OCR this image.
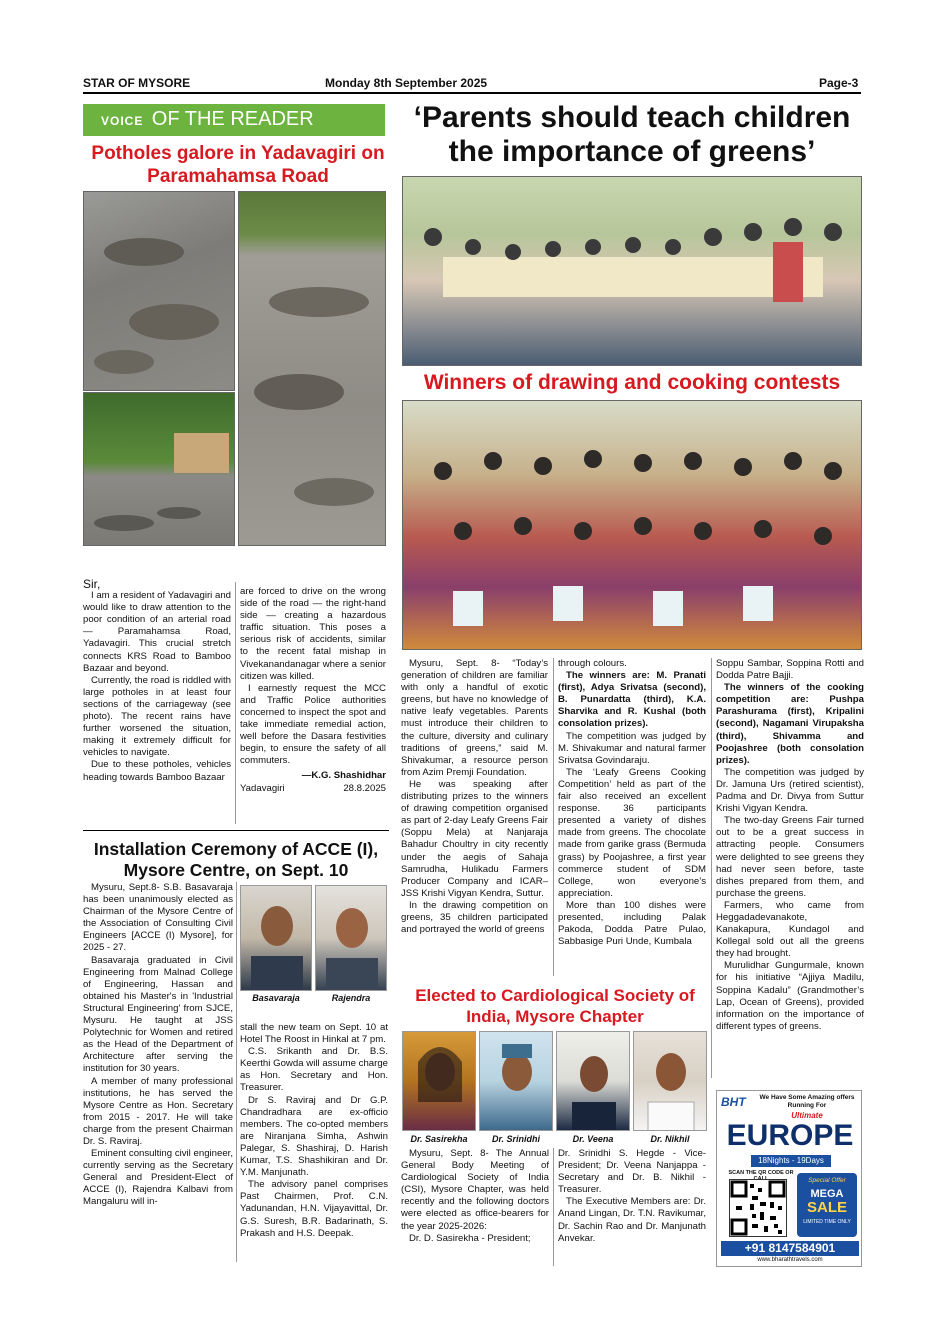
STAR OF MYSORE	Monday 8th September 2025	Page-3
VOICE OF THE READER
Potholes galore in Yadavagiri on Paramahamsa Road

Sir,

I am a resident of Yadavagiri and would like to draw attention to the poor condition of an arterial road — Paramahamsa Road, Yadavagiri. This crucial stretch connects KRS Road to Bamboo Bazaar and beyond.

Currently, the road is riddled with large potholes in at least four sections of the carriageway (see photo). The recent rains have further worsened the situation, making it extremely difficult for vehicles to navigate.

Due to these potholes, vehicles heading towards Bamboo Bazaar

are forced to drive on the wrong side of the road — the right-hand side — creating a hazardous traffic situation. This poses a serious risk of accidents, similar to the recent fatal mishap in Vivekanandanagar where a senior citizen was killed.

I earnestly request the MCC and Traffic Police authorities concerned to inspect the spot and take immediate remedial action, well before the Dasara festivities begin, to ensure the safety of all commuters.

—K.G. Shashidhar

Yadavagiri	28.8.2025
Installation Ceremony of ACCE (I), Mysore Centre, on Sept. 10

Mysuru, Sept.8- S.B. Basavaraja has been unanimously elected as Chairman of the Mysore Centre of the Association of Consulting Civil Engineers [ACCE (I) Mysore], for 2025 - 27.

Basavaraja graduated in Civil Engineering from Malnad College of Engineering, Hassan and obtained his Master's in 'Industrial Structural Engineering' from SJCE, Mysuru. He taught at JSS Polytechnic for Women and retired as the Head of the Department of Architecture after serving the institution for 30 years.

A member of many professional institutions, he has served the Mysore Centre as Hon. Secretary from 2015 - 2017. He will take charge from the present Chairman Dr. S. Raviraj.

Eminent consulting civil engineer, currently serving as the Secretary General and President-Elect of ACCE (I), Rajendra Kalbavi from Mangaluru will in-

Basavaraja	Rajendra

stall the new team on Sept. 10 at Hotel The Roost in Hinkal at 7 pm.

C.S. Srikanth and Dr. B.S. Keerthi Gowda will assume charge as Hon. Secretary and Hon. Treasurer.

Dr S. Raviraj and Dr G.P. Chandradhara are ex-officio members. The co-opted members are Niranjana Simha, Ashwin Palegar, S. Shashiraj, D. Harish Kumar, T.S. Shashikiran and Dr. Y.M. Manjunath.

The advisory panel comprises Past Chairmen, Prof. C.N. Yadunandan, H.N. Vijayavittal, Dr. G.S. Suresh, B.R. Badarinath, S. Prakash and H.S. Deepak.

‘Parents should teach children the importance of greens’
Winners of drawing and cooking contests

Mysuru, Sept. 8- “Today’s generation of children are familiar with only a handful of exotic greens, but have no knowledge of native leafy vegetables. Parents must introduce their children to the culture, diversity and culinary traditions of greens,” said M. Shivakumar, a resource person from Azim Premji Foundation.

He was speaking after distributing prizes to the winners of drawing competition organised as part of 2-day Leafy Greens Fair (Soppu Mela) at Nanjaraja Bahadur Choultry in city recently under the aegis of Sahaja Samrudha, Hulikadu Farmers Producer Company and ICAR–JSS Krishi Vigyan Kendra, Suttur.

In the drawing competition on greens, 35 children participated and portrayed the world of greens

through colours.

The winners are: M. Pranati (first), Adya Srivatsa (second), B. Punardatta (third), K.A. Sharvika and R. Kushal (both consolation prizes).

The competition was judged by M. Shivakumar and natural farmer Srivatsa Govindaraju.

The ‘Leafy Greens Cooking Competition’ held as part of the fair also received an excellent response. 36 participants presented a variety of dishes made from greens. The chocolate made from garike grass (Bermuda grass) by Poojashree, a first year commerce student of SDM College, won everyone’s appreciation.

More than 100 dishes were presented, including Palak Pakoda, Dodda Patre Pulao, Sabbasige Puri Unde, Kumbala

Soppu Sambar, Soppina Rotti and Dodda Patre Bajji.

The winners of the cooking competition are: Pushpa Parashurama (first), Kripalini (second), Nagamani Virupaksha (third), Shivamma and Poojashree (both consolation prizes).

The competition was judged by Dr. Jamuna Urs (retired scientist), Padma and Dr. Divya from Suttur Krishi Vigyan Kendra.

The two-day Greens Fair turned out to be a great success in attracting people. Consumers were delighted to see greens they had never seen before, taste dishes prepared from them, and purchase the greens.

Farmers, who came from Heggadadevanakote, Kanakapura, Kundagol and Kollegal sold out all the greens they had brought.

Murulidhar Gungurmale, known for his initiative “Ajjiya Madilu, Soppina Kadalu” (Grandmother’s Lap, Ocean of Greens), provided information on the importance of different types of greens.

Elected to Cardiological Society of India, Mysore Chapter
Dr. Sasirekha	Dr. Srinidhi	Dr. Veena	Dr. Nikhil

Mysuru, Sept. 8- The Annual General Body Meeting of Cardiological Society of India (CSI), Mysore Chapter, was held recently and the following doctors were elected as office-bearers for the year 2025-2026:

Dr. D. Sasirekha - President;

Dr. Srinidhi S. Hegde - Vice-President; Dr. Veena Nanjappa - Secretary and Dr. B. Nikhil - Treasurer.

The Executive Members are: Dr. Anand Lingan, Dr. T.N. Ravikumar, Dr. Sachin Rao and Dr. Manjunath Anvekar.

BHT	We Have Some Amazing offers Running For
Ultimate
EUROPE
18Nights - 19Days
SCAN THE QR CODE OR
Special Offer
MEGA
SALE
LIMITED TIME ONLY
+91 8147584901
www.bharathtravels.com
